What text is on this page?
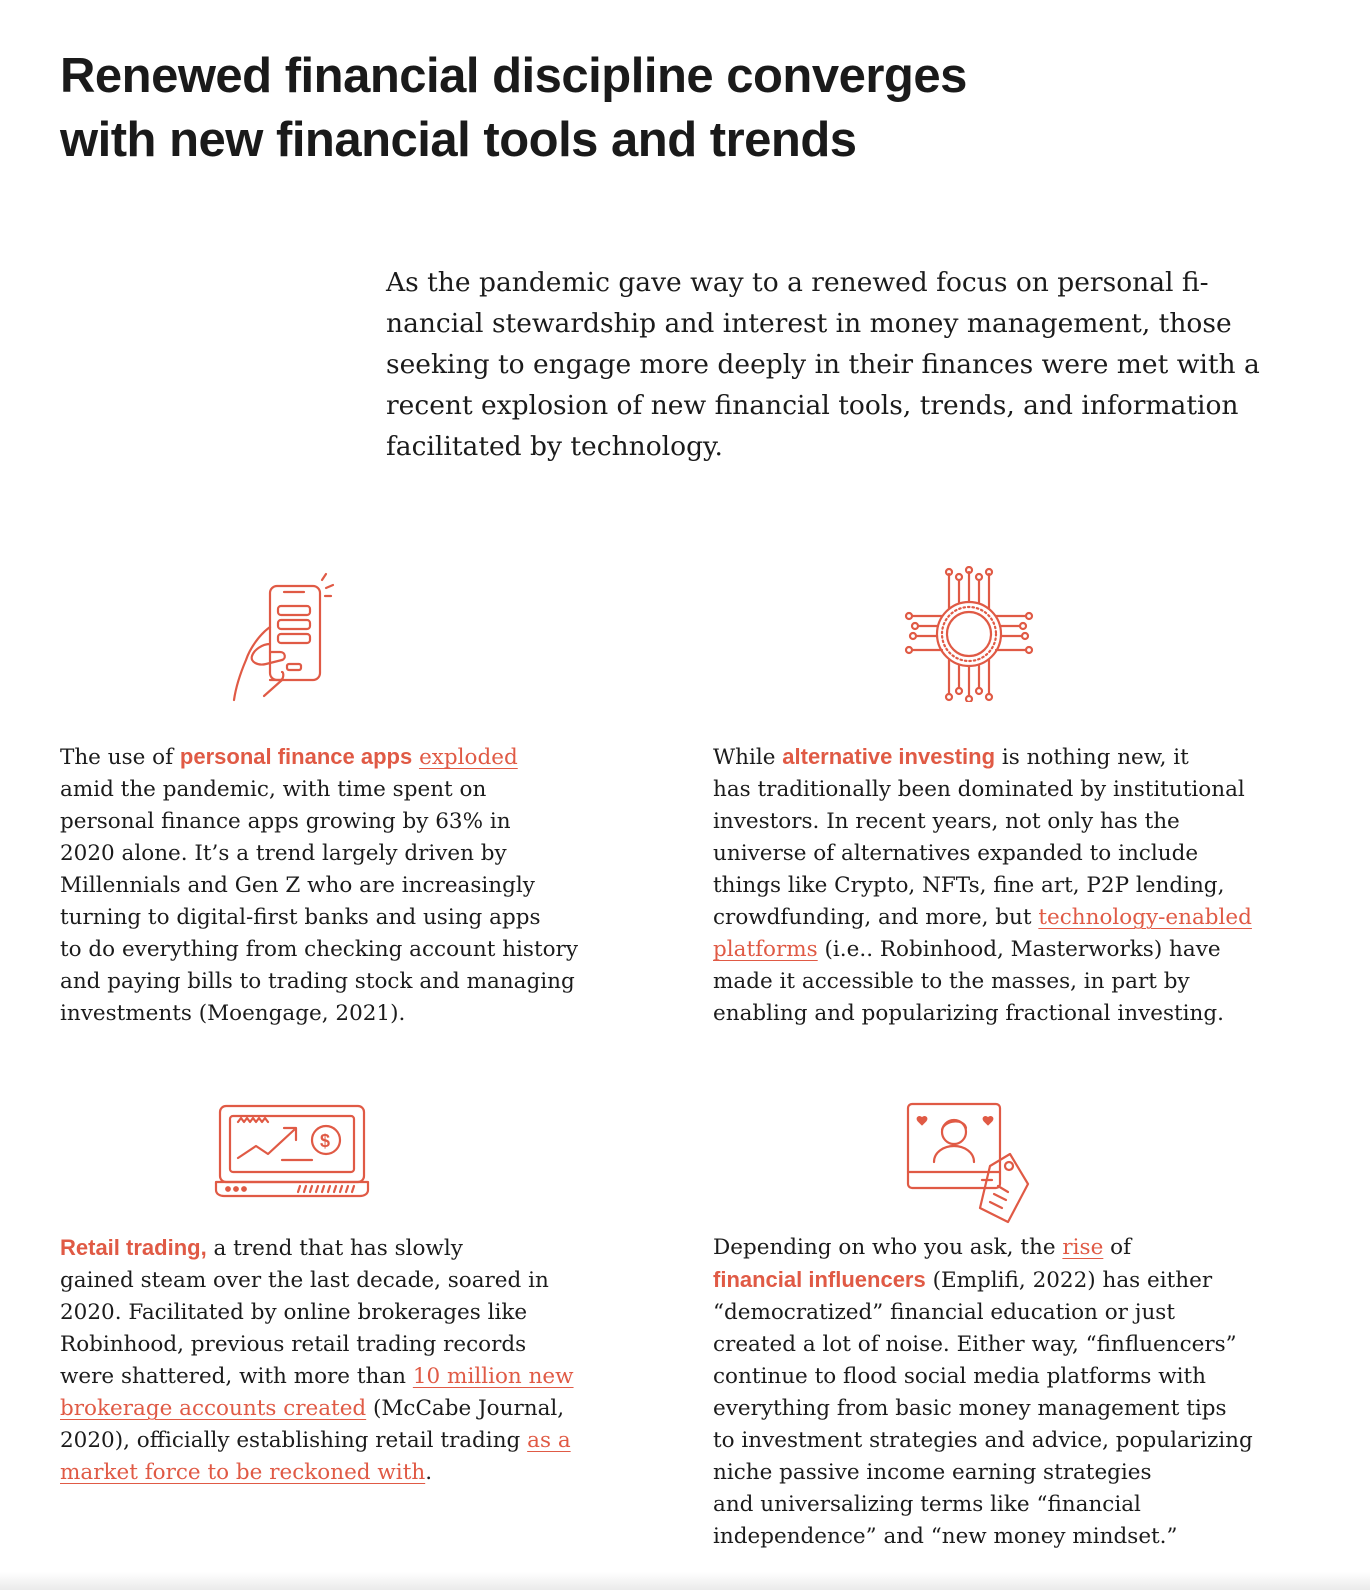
Renewed financial discipline converges
with new financial tools and trends

As the pandemic gave way to a renewed focus on personal fi-
nancial stewardship and interest in money management, those
seeking to engage more deeply in their finances were met with a
recent explosion of new financial tools, trends, and information
facilitated by technology.

$

The use of personal finance apps exploded
amid the pandemic, with time spent on
personal finance apps growing by 63% in
2020 alone. It’s a trend largely driven by
Millennials and Gen Z who are increasingly
turning to digital-first banks and using apps
to do everything from checking account history
and paying bills to trading stock and managing
investments (Moengage, 2021).

While alternative investing is nothing new, it
has traditionally been dominated by institutional
investors. In recent years, not only has the
universe of alternatives expanded to include
things like Crypto, NFTs, fine art, P2P lending,
crowdfunding, and more, but technology-enabled
platforms (i.e.. Robinhood, Masterworks) have
made it accessible to the masses, in part by
enabling and popularizing fractional investing.

Retail trading, a trend that has slowly
gained steam over the last decade, soared in
2020. Facilitated by online brokerages like
Robinhood, previous retail trading records
were shattered, with more than 10 million new
brokerage accounts created (McCabe Journal,
2020), officially establishing retail trading as a
market force to be reckoned with.

Depending on who you ask, the rise of
financial influencers (Emplifi, 2022) has either
“democratized” financial education or just
created a lot of noise. Either way, “finfluencers”
continue to flood social media platforms with
everything from basic money management tips
to investment strategies and advice, popularizing
niche passive income earning strategies
and universalizing terms like “financial
independence” and “new money mindset.”
